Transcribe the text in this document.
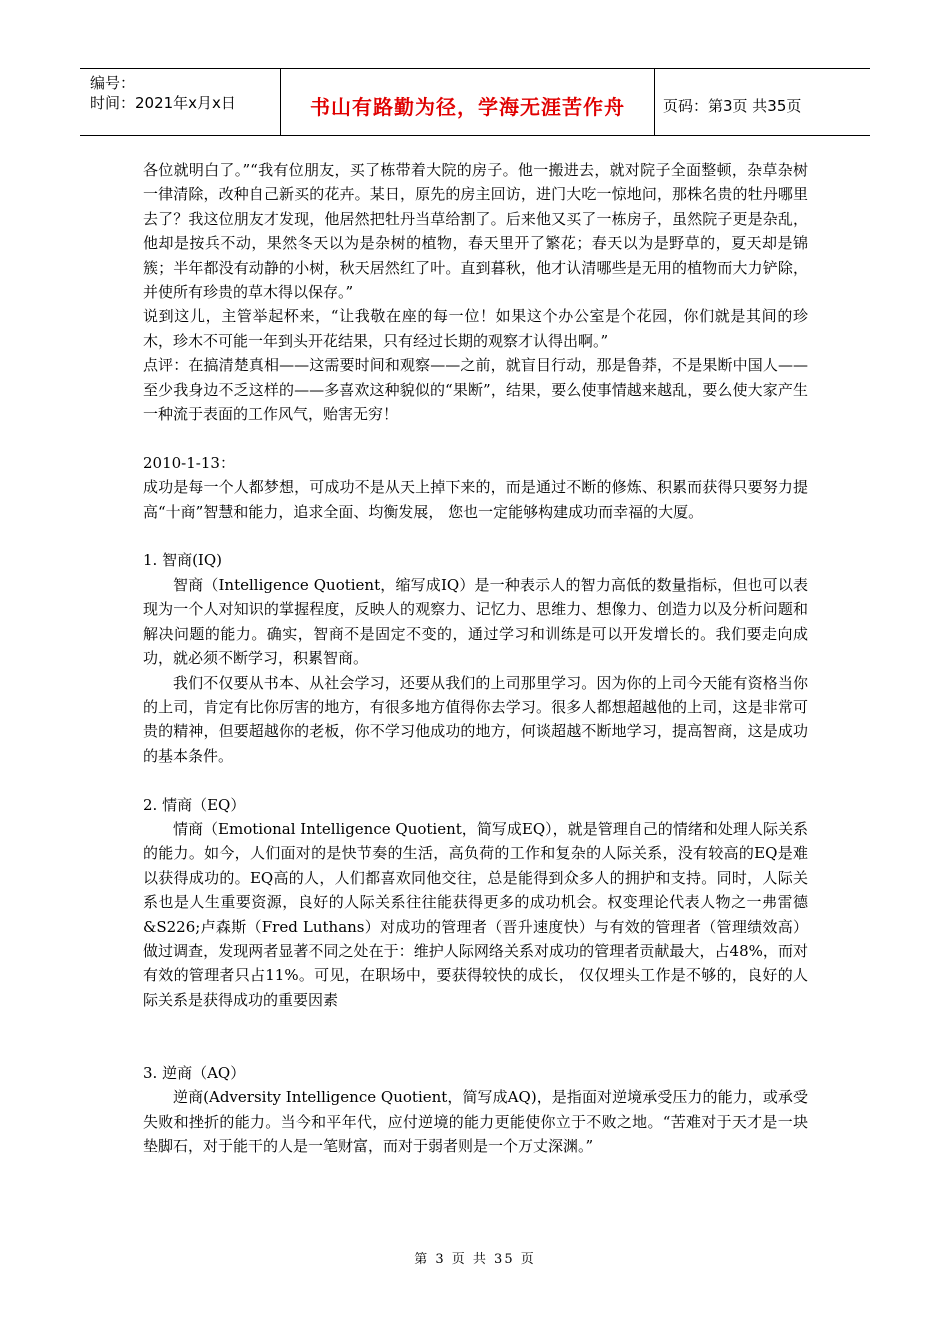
编号：
时间：2021年x月x日	书山有路勤为径，学海无涯苦作舟	页码：第3页 共35页

各位就明白了。”“我有位朋友，买了栋带着大院的房子。他一搬进去，就对院子全面整顿，杂草杂树一律清除，改种自己新买的花卉。某日，原先的房主回访，进门大吃一惊地问，那株名贵的牡丹哪里去了？我这位朋友才发现，他居然把牡丹当草给割了。后来他又买了一栋房子，虽然院子更是杂乱，他却是按兵不动，果然冬天以为是杂树的植物，春天里开了繁花；春天以为是野草的，夏天却是锦簇；半年都没有动静的小树，秋天居然红了叶。直到暮秋，他才认清哪些是无用的植物而大力铲除，并使所有珍贵的草木得以保存。”

说到这儿，主管举起杯来，“让我敬在座的每一位！如果这个办公室是个花园，你们就是其间的珍木，珍木不可能一年到头开花结果，只有经过长期的观察才认得出啊。”

点评：在搞清楚真相——这需要时间和观察——之前，就盲目行动，那是鲁莽，不是果断中国人——至少我身边不乏这样的——多喜欢这种貌似的“果断”，结果，要么使事情越来越乱，要么使大家产生一种流于表面的工作风气，贻害无穷！

2010-1-13：

成功是每一个人都梦想，可成功不是从天上掉下来的，而是通过不断的修炼、积累而获得只要努力提高“十商”智慧和能力，追求全面、均衡发展， 您也一定能够构建成功而幸福的大厦。

1. 智商(IQ)

智商（Intelligence Quotient，缩写成IQ）是一种表示人的智力高低的数量指标，但也可以表现为一个人对知识的掌握程度，反映人的观察力、记忆力、思维力、想像力、创造力以及分析问题和解决问题的能力。确实，智商不是固定不变的，通过学习和训练是可以开发增长的。我们要走向成功，就必须不断学习，积累智商。

我们不仅要从书本、从社会学习，还要从我们的上司那里学习。因为你的上司今天能有资格当你的上司，肯定有比你厉害的地方，有很多地方值得你去学习。很多人都想超越他的上司，这是非常可贵的精神，但要超越你的老板，你不学习他成功的地方，何谈超越不断地学习，提高智商，这是成功的基本条件。

2. 情商（EQ）

情商（Emotional Intelligence Quotient，简写成EQ），就是管理自己的情绪和处理人际关系的能力。如今，人们面对的是快节奏的生活，高负荷的工作和复杂的人际关系，没有较高的EQ是难以获得成功的。EQ高的人，人们都喜欢同他交往，总是能得到众多人的拥护和支持。同时，人际关系也是人生重要资源，良好的人际关系往往能获得更多的成功机会。权变理论代表人物之一弗雷德&S226;卢森斯（Fred Luthans）对成功的管理者（晋升速度快）与有效的管理者（管理绩效高）做过调查，发现两者显著不同之处在于：维护人际网络关系对成功的管理者贡献最大，占48%，而对有效的管理者只占11%。可见，在职场中，要获得较快的成长， 仅仅埋头工作是不够的，良好的人际关系是获得成功的重要因素

3. 逆商（AQ）

逆商(Adversity Intelligence Quotient，简写成AQ)，是指面对逆境承受压力的能力，或承受失败和挫折的能力。当今和平年代，应付逆境的能力更能使你立于不败之地。“苦难对于天才是一块垫脚石，对于能干的人是一笔财富，而对于弱者则是一个万丈深渊。”

第 3 页 共 35 页
